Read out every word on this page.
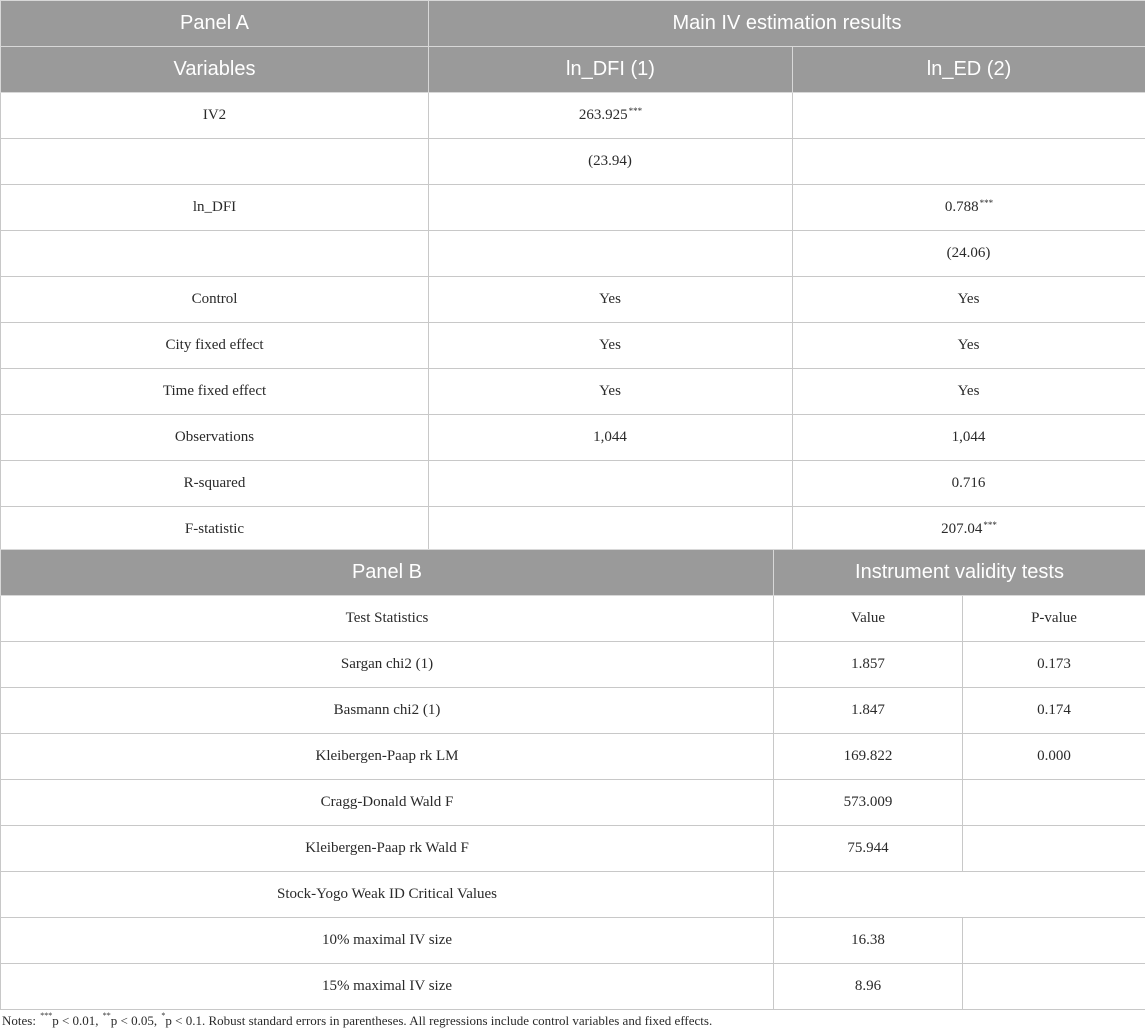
Panel A	Main IV estimation results	
Variables	ln_DFI (1)	ln_ED (2)
IV2	263.925***	
	(23.94)	
ln_DFI		0.788***
		(24.06)
Control	Yes	Yes
City fixed effect	Yes	Yes
Time fixed effect	Yes	Yes
Observations	1,044	1,044
R-squared		0.716
F-statistic		207.04***
Panel B	Instrument validity tests	
Test Statistics	Value	P-value
Sargan chi2 (1)	1.857	0.173
Basmann chi2 (1)	1.847	0.174
Kleibergen-Paap rk LM	169.822	0.000
Cragg-Donald Wald F	573.009	
Kleibergen-Paap rk Wald F	75.944	
Stock-Yogo Weak ID Critical Values		
10% maximal IV size	16.38	
15% maximal IV size	8.96	
Notes: ***p < 0.01, **p < 0.05, *p < 0.1. Robust standard errors in parentheses. All regressions include control variables and fixed effects.
